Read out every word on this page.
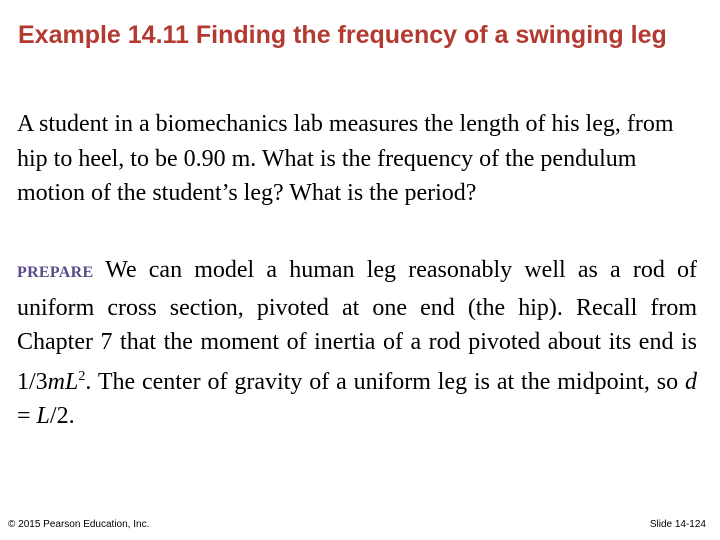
Example 14.11 Finding the frequency of a swinging leg

A student in a biomechanics lab measures the length of his leg, from hip to heel, to be 0.90 m. What is the frequency of the pendulum motion of the student’s leg? What is the period?

PREPARE We can model a human leg reasonably well as a rod of uniform cross section, pivoted at one end (the hip). Recall from Chapter 7 that the moment of inertia of a rod pivoted about its end is $1/3mL^2$. The center of gravity of a uniform leg is at the midpoint, so d = L/2.

© 2015 Pearson Education, Inc.	Slide 14-124
